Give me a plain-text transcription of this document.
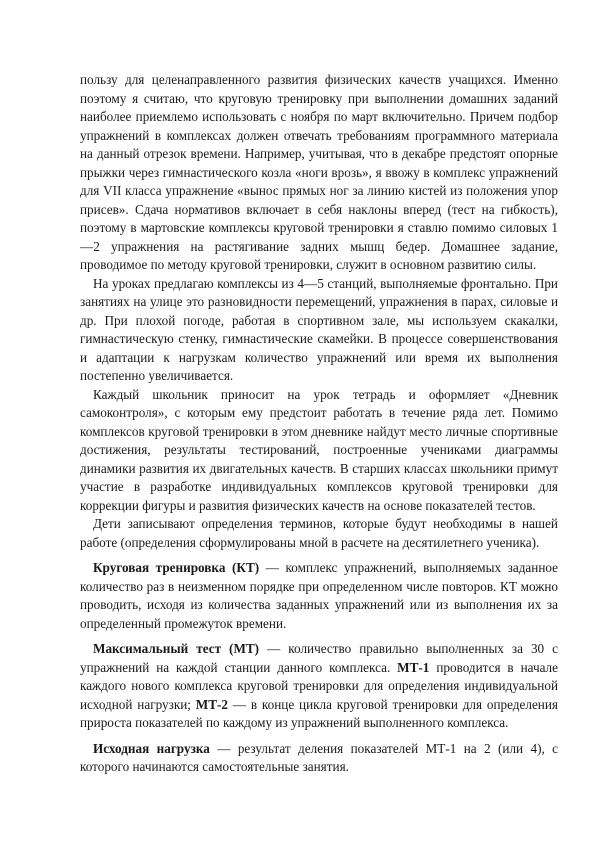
пользу для целенаправленного развития физических качеств учащихся. Именно поэтому я считаю, что круговую тренировку при выполнении домашних заданий наиболее приемлемо использовать с ноября по март включительно. Причем подбор упражнений в комплексах должен отвечать требованиям программного материала на данный отрезок времени. Например, учитывая, что в декабре предстоят опорные прыжки через гимнастического козла «ноги врозь», я ввожу в комплекс упражнений для VII класса упражнение «вынос прямых ног за линию кистей из положения упор присев». Сдача нормативов включает в себя наклоны вперед (тест на гибкость), поэтому в мартовские комплексы круговой тренировки я ставлю помимо силовых 1—2 упражнения на растягивание задних мышц бедер. Домашнее задание, проводимое по методу круговой тренировки, служит в основном развитию силы.

На уроках предлагаю комплексы из 4—5 станций, выполняемые фронтально. При занятиях на улице это разновидности перемещений, упражнения в парах, силовые и др. При плохой погоде, работая в спортивном зале, мы используем скакалки, гимнастическую стенку, гимнастические скамейки. В процессе совершенствования и адаптации к нагрузкам количество упражнений или время их выполнения постепенно увеличивается.

Каждый школьник приносит на урок тетрадь и оформляет «Дневник самоконтроля», с которым ему предстоит работать в течение ряда лет. Помимо комплексов круговой тренировки в этом дневнике найдут место личные спортивные достижения, результаты тестирований, построенные учениками диаграммы динамики развития их двигательных качеств. В старших классах школьники примут участие в разработке индивидуальных комплексов круговой тренировки для коррекции фигуры и развития физических качеств на основе показателей тестов.

Дети записывают определения терминов, которые будут необходимы в нашей работе (определения сформулированы мной в расчете на десятилетнего ученика).

Круговая тренировка (КТ) — комплекс упражнений, выполняемых заданное количество раз в неизменном порядке при определенном числе повторов. КТ можно проводить, исходя из количества заданных упражнений или из выполнения их за определенный промежуток времени.

Максимальный тест (МТ) — количество правильно выполненных за 30 с упражнений на каждой станции данного комплекса. МТ-1 проводится в начале каждого нового комплекса круговой тренировки для определения индивидуальной исходной нагрузки; МТ-2 — в конце цикла круговой тренировки для определения прироста показателей по каждому из упражнений выполненного комплекса.

Исходная нагрузка — результат деления показателей МТ-1 на 2 (или 4), с которого начинаются самостоятельные занятия.
